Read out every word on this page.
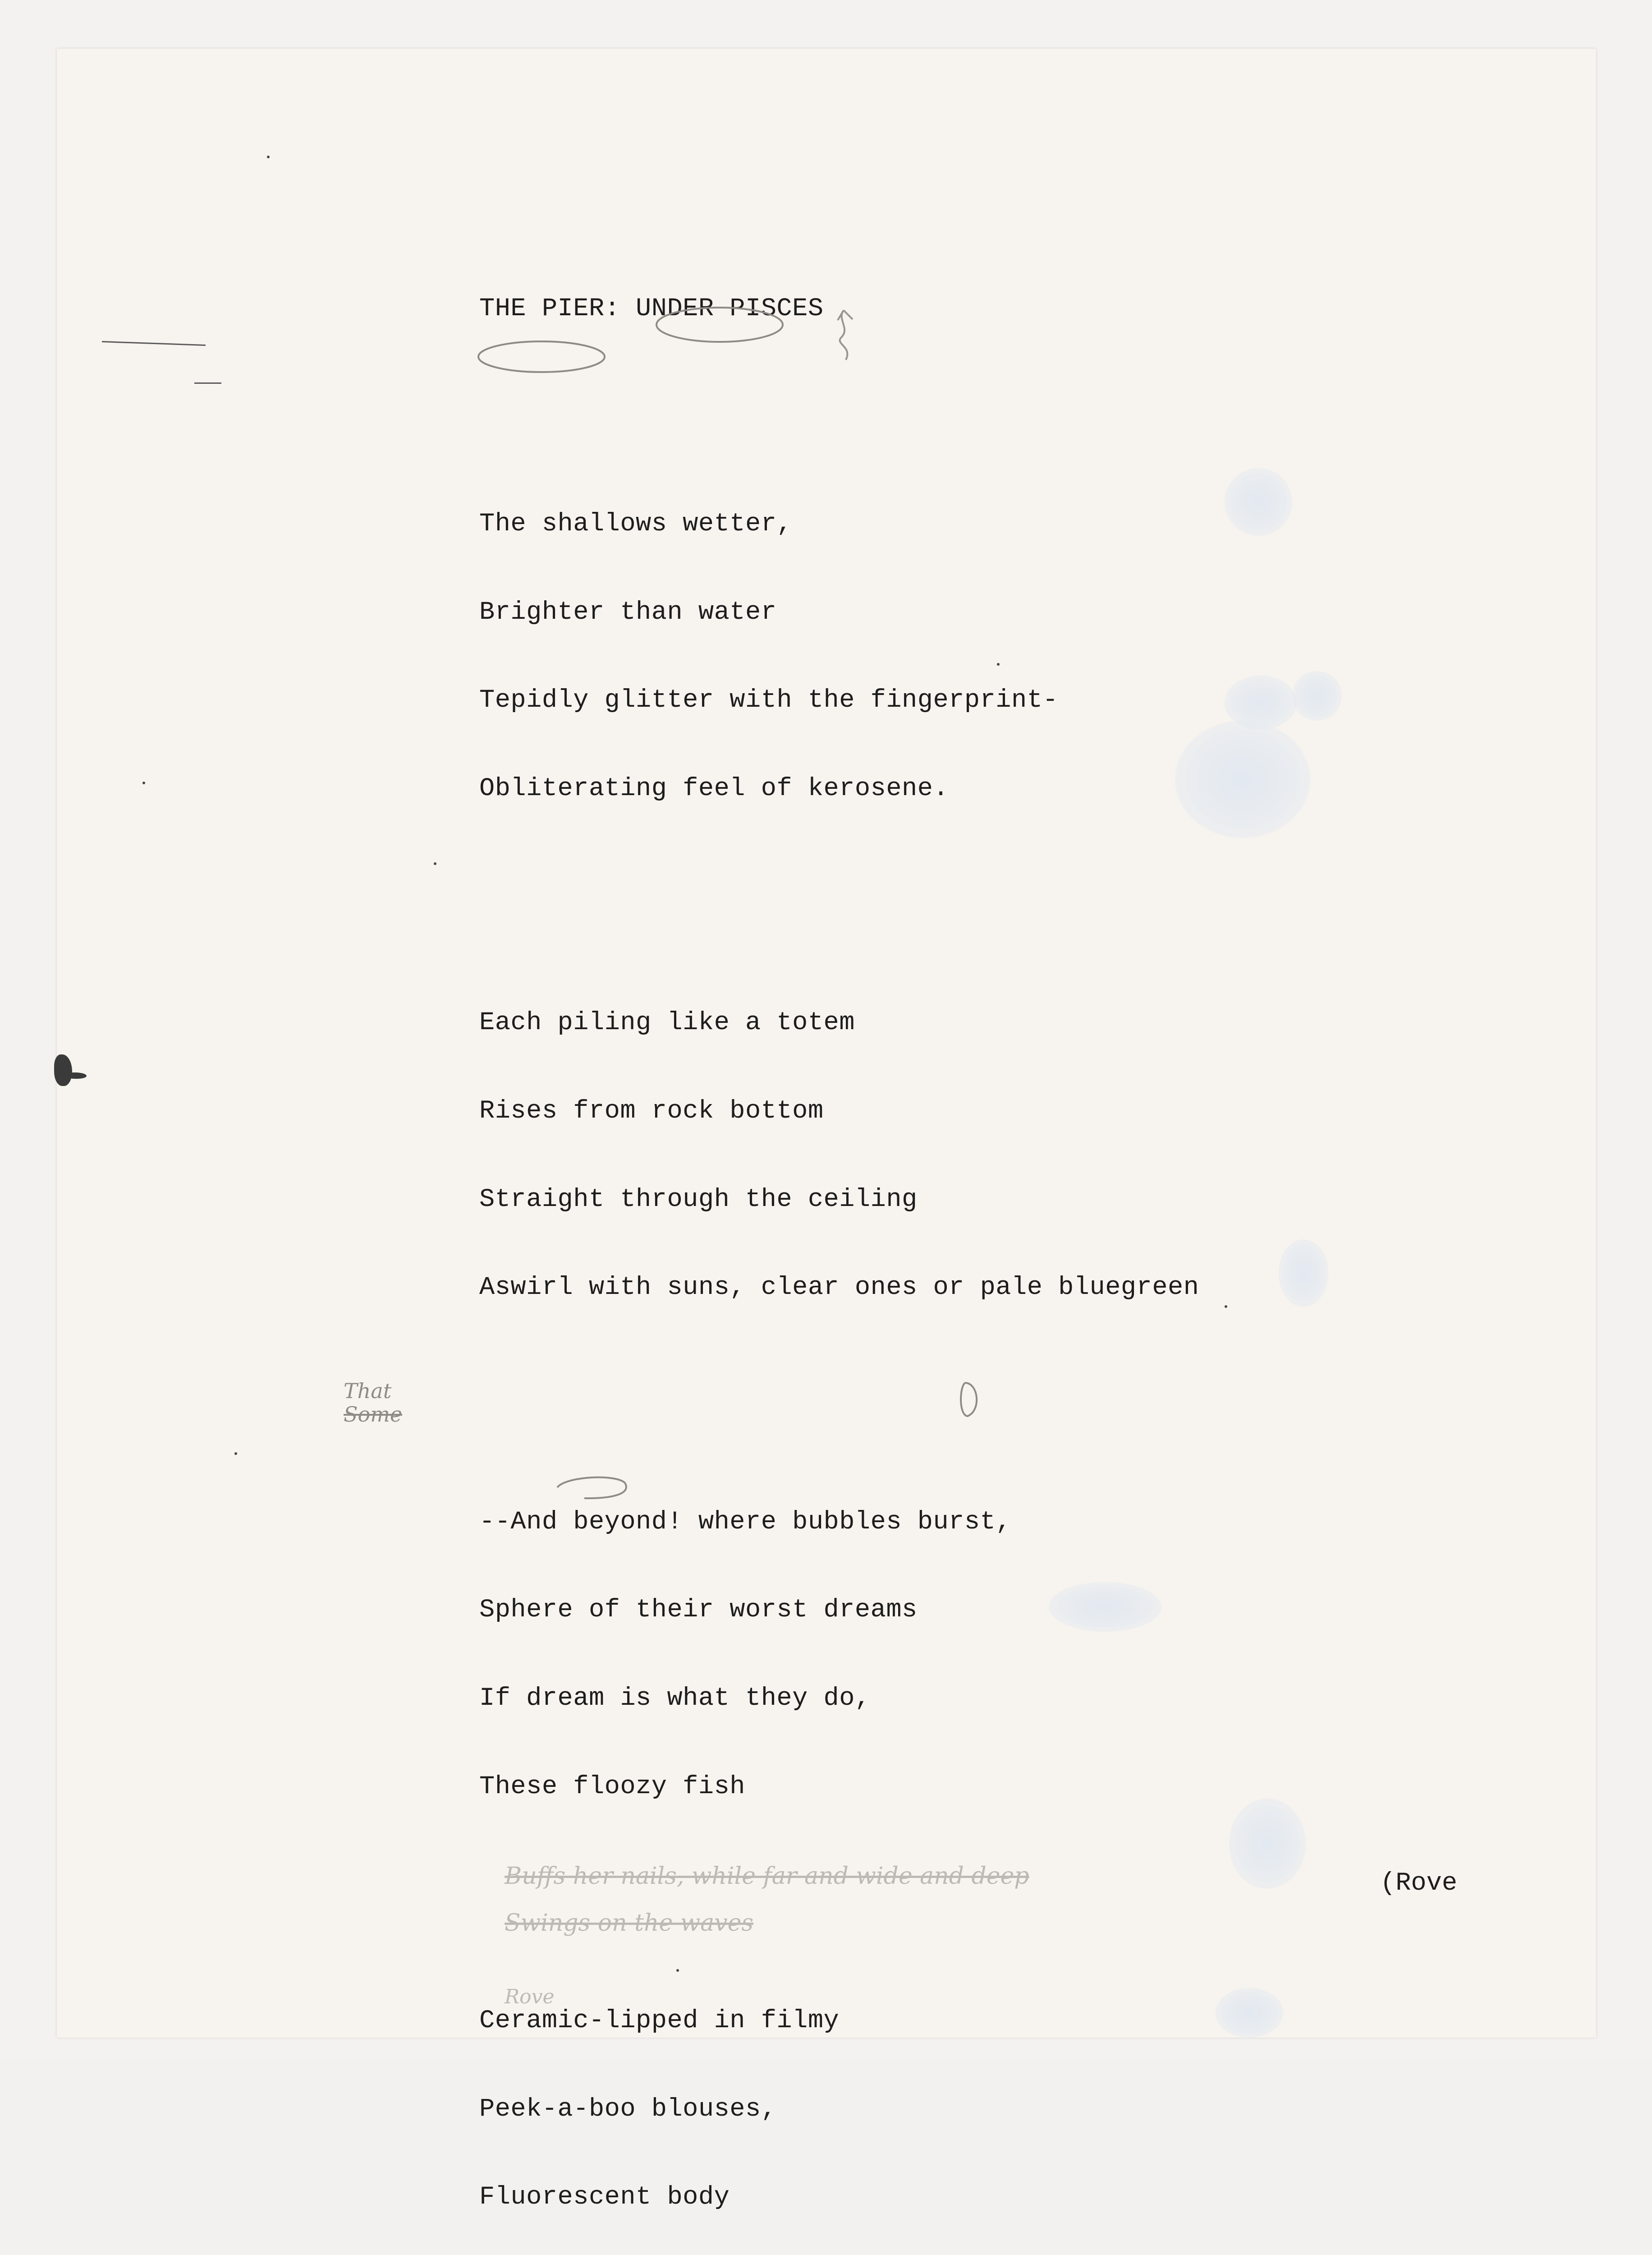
THE PIER: UNDER PISCES

The shallows wetter,

Brighter than water

Tepidly glitter with the fingerprint-

Obliterating feel of kerosene.

Each piling like a totem

Rises from rock bottom

Straight through the ceiling

Aswirl with suns, clear ones or pale bluegreen

--And beyond! where bubbles burst,

Sphere of their worst dreams

If dream is what they do,

These floozy fish

Ceramic-lipped in filmy

Peek-a-boo blouses,

Fluorescent body

(Rove
That
Some
Buffs her nails, while far and wide and deep
Swings on the waves
Rove
